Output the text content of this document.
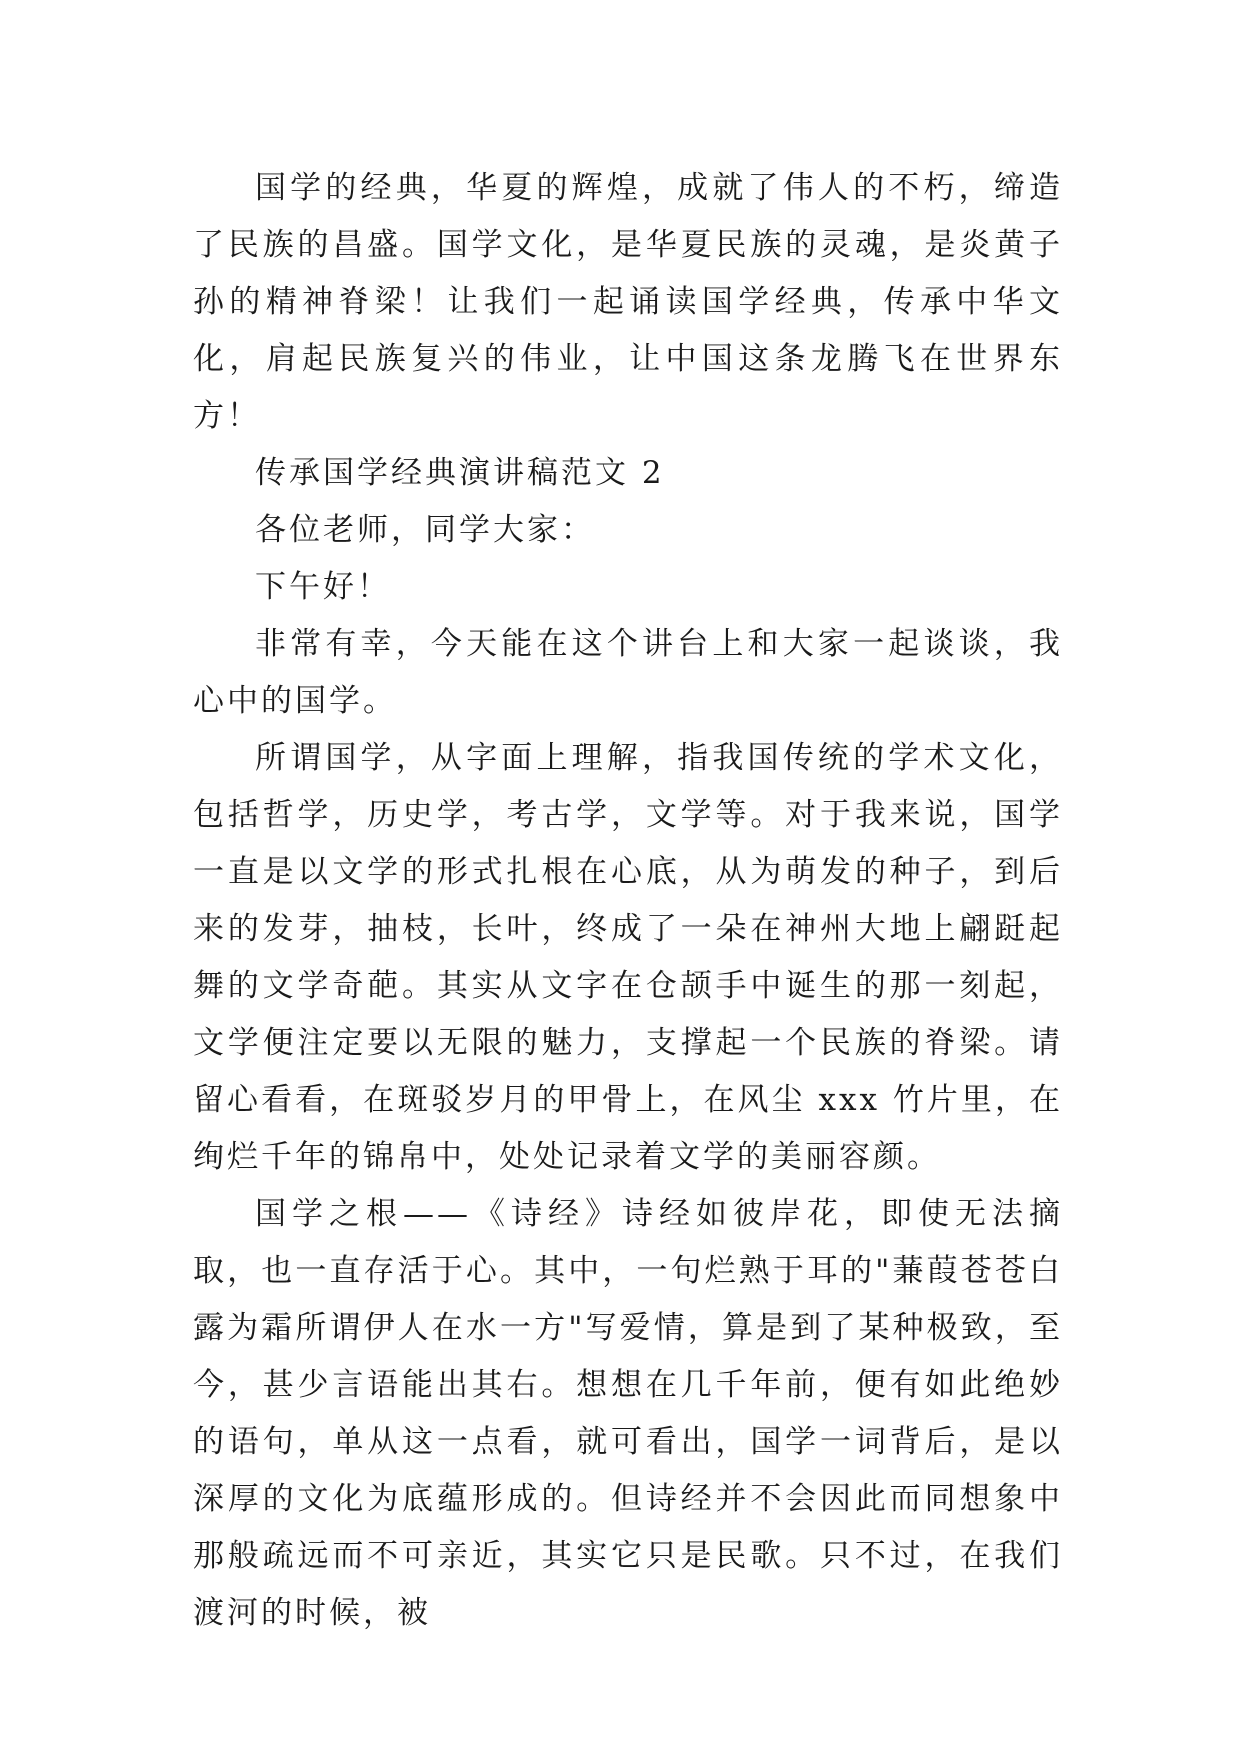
国学的经典，华夏的辉煌，成就了伟人的不朽，缔造了民族的昌盛。国学文化，是华夏民族的灵魂，是炎黄子孙的精神脊梁！让我们一起诵读国学经典，传承中华文化，肩起民族复兴的伟业，让中国这条龙腾飞在世界东方！

传承国学经典演讲稿范文 2

各位老师，同学大家：

下午好！

非常有幸，今天能在这个讲台上和大家一起谈谈，我心中的国学。

所谓国学，从字面上理解，指我国传统的学术文化，包括哲学，历史学，考古学，文学等。对于我来说，国学一直是以文学的形式扎根在心底，从为萌发的种子，到后来的发芽，抽枝，长叶，终成了一朵在神州大地上翩跹起舞的文学奇葩。其实从文字在仓颉手中诞生的那一刻起，文学便注定要以无限的魅力，支撑起一个民族的脊梁。请留心看看，在斑驳岁月的甲骨上，在风尘 xxx 竹片里，在绚烂千年的锦帛中，处处记录着文学的美丽容颜。

国学之根——《诗经》诗经如彼岸花，即使无法摘取，也一直存活于心。其中，一句烂熟于耳的"蒹葭苍苍白露为霜所谓伊人在水一方"写爱情，算是到了某种极致，至今，甚少言语能出其右。想想在几千年前，便有如此绝妙的语句，单从这一点看，就可看出，国学一词背后，是以深厚的文化为底蕴形成的。但诗经并不会因此而同想象中那般疏远而不可亲近，其实它只是民歌。只不过，在我们渡河的时候，被
